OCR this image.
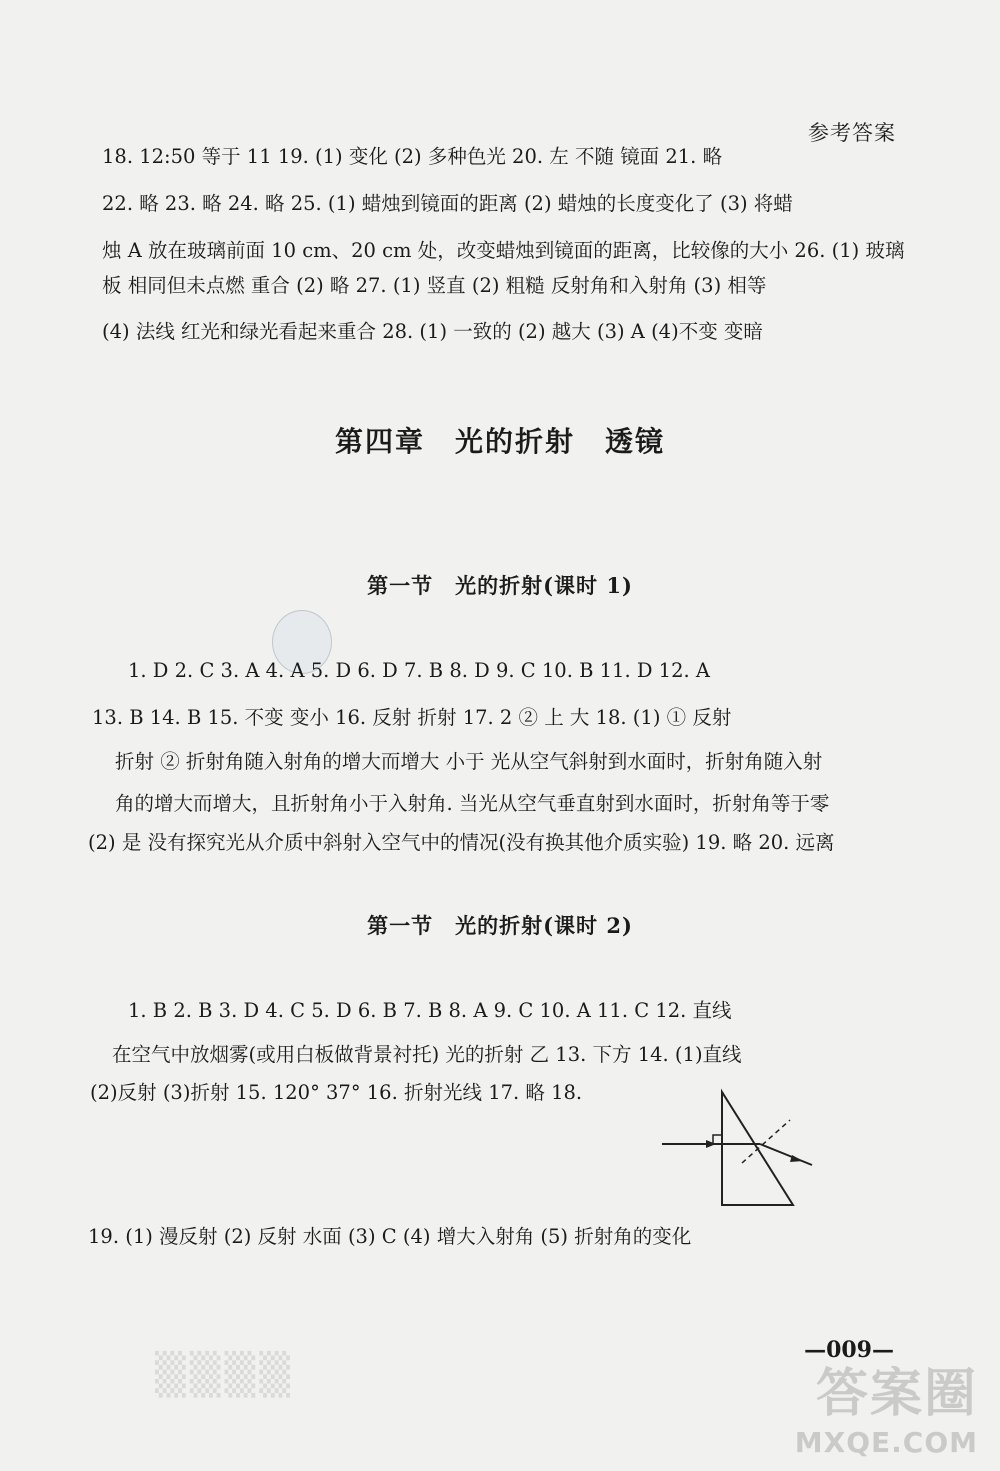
参考答案
18. 12:50 等于 11 19. (1) 变化 (2) 多种色光 20. 左 不随 镜面 21. 略
22. 略 23. 略 24. 略 25. (1) 蜡烛到镜面的距离 (2) 蜡烛的长度变化了 (3) 将蜡
烛 A 放在玻璃前面 10 cm、20 cm 处，改变蜡烛到镜面的距离，比较像的大小 26. (1) 玻璃
板 相同但未点燃 重合 (2) 略 27. (1) 竖直 (2) 粗糙 反射角和入射角 (3) 相等
(4) 法线 红光和绿光看起来重合 28. (1) 一致的 (2) 越大 (3) A (4)不变 变暗
第四章　光的折射　透镜
第一节　光的折射(课时 1)
1. D 2. C 3. A 4. A 5. D 6. D 7. B 8. D 9. C 10. B 11. D 12. A
13. B 14. B 15. 不变 变小 16. 反射 折射 17. 2 ② 上 大 18. (1) ① 反射
折射 ② 折射角随入射角的增大而增大 小于 光从空气斜射到水面时，折射角随入射
角的增大而增大，且折射角小于入射角. 当光从空气垂直射到水面时，折射角等于零
(2) 是 没有探究光从介质中斜射入空气中的情况(没有换其他介质实验) 19. 略 20. 远离
第一节　光的折射(课时 2)
1. B 2. B 3. D 4. C 5. D 6. B 7. B 8. A 9. C 10. A 11. C 12. 直线
在空气中放烟雾(或用白板做背景衬托) 光的折射 乙 13. 下方 14. (1)直线
(2)反射 (3)折射 15. 120° 37° 16. 折射光线 17. 略 18.
19. (1) 漫反射 (2) 反射 水面 (3) C (4) 增大入射角 (5) 折射角的变化
—009—
▒▒▒▒	答案圈
MXQE.COM
